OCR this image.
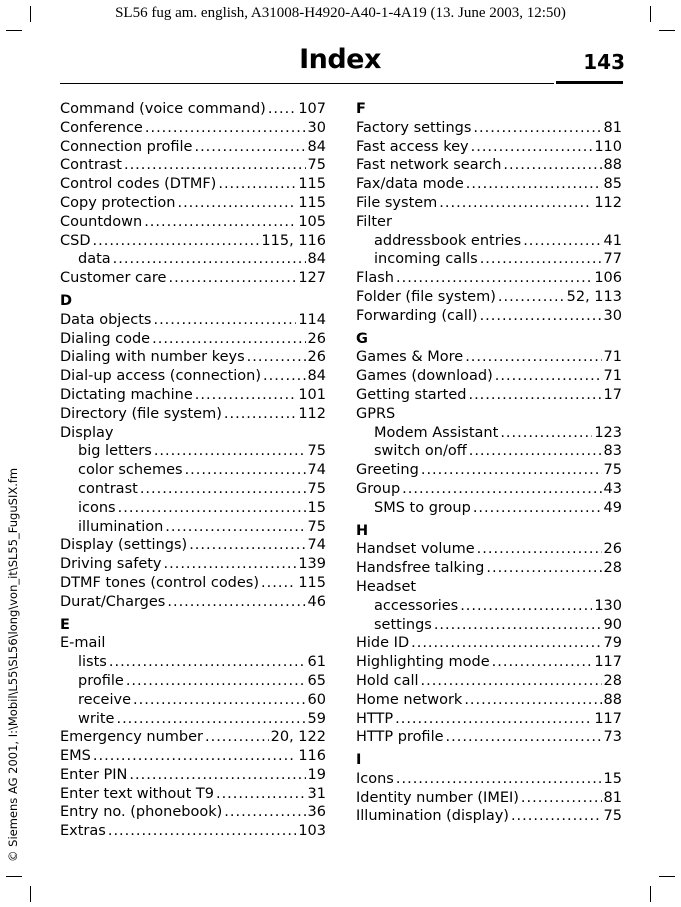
SL56 fug am. english, A31008-H4920-A40-1-4A19 (13. June 2003, 12:50)
© Siemens AG 2001, I:\Mobil\L55\SL56\long\von_it\SL55_FuguSIX.fm
Index	143
Command (voice command) ..... 107
Conference .....	30
Connection profile .....	84
Contrast .....	75
Control codes (DTMF) .....	115
Copy protection .....	115
Countdown .....	105
CSD .....	115, 116
data .....	84
Customer care .....	127
D
Data objects .....	114
Dialing code .....	26
Dialing with number keys .....	26
Dial-up access (connection) .....	84
Dictating machine .....	101
Directory (file system) .....	112
Display
big letters .....	75
color schemes .....	74
contrast .....	75
icons .....	15
illumination .....	75
Display (settings) .....	74
Driving safety .....	139
DTMF tones (control codes) .....	115
Durat/Charges .....	46
E
E-mail
lists .....	61
profile .....	65
receive .....	60
write .....	59
Emergency number .....	20, 122
EMS .....	116
Enter PIN .....	19
Enter text without T9 .....	31
Entry no. (phonebook) .....	36
Extras .....	103
F
Factory settings .....	81
Fast access key .....	110
Fast network search .....	88
Fax/data mode .....	85
File system .....	112
Filter
addressbook entries .....	41
incoming calls .....	77
Flash .....	106
Folder (file system) .....	52, 113
Forwarding (call) .....	30
G
Games & More .....	71
Games (download) .....	71
Getting started .....	17
GPRS
Modem Assistant .....	123
switch on/off .....	83
Greeting .....	75
Group .....	43
SMS to group .....	49
H
Handset volume .....	26
Handsfree talking .....	28
Headset
accessories .....	130
settings .....	90
Hide ID .....	79
Highlighting mode .....	117
Hold call .....	28
Home network .....	88
HTTP .....	117
HTTP profile .....	73
I
Icons .....	15
Identity number (IMEI) .....	81
Illumination (display) .....	75
